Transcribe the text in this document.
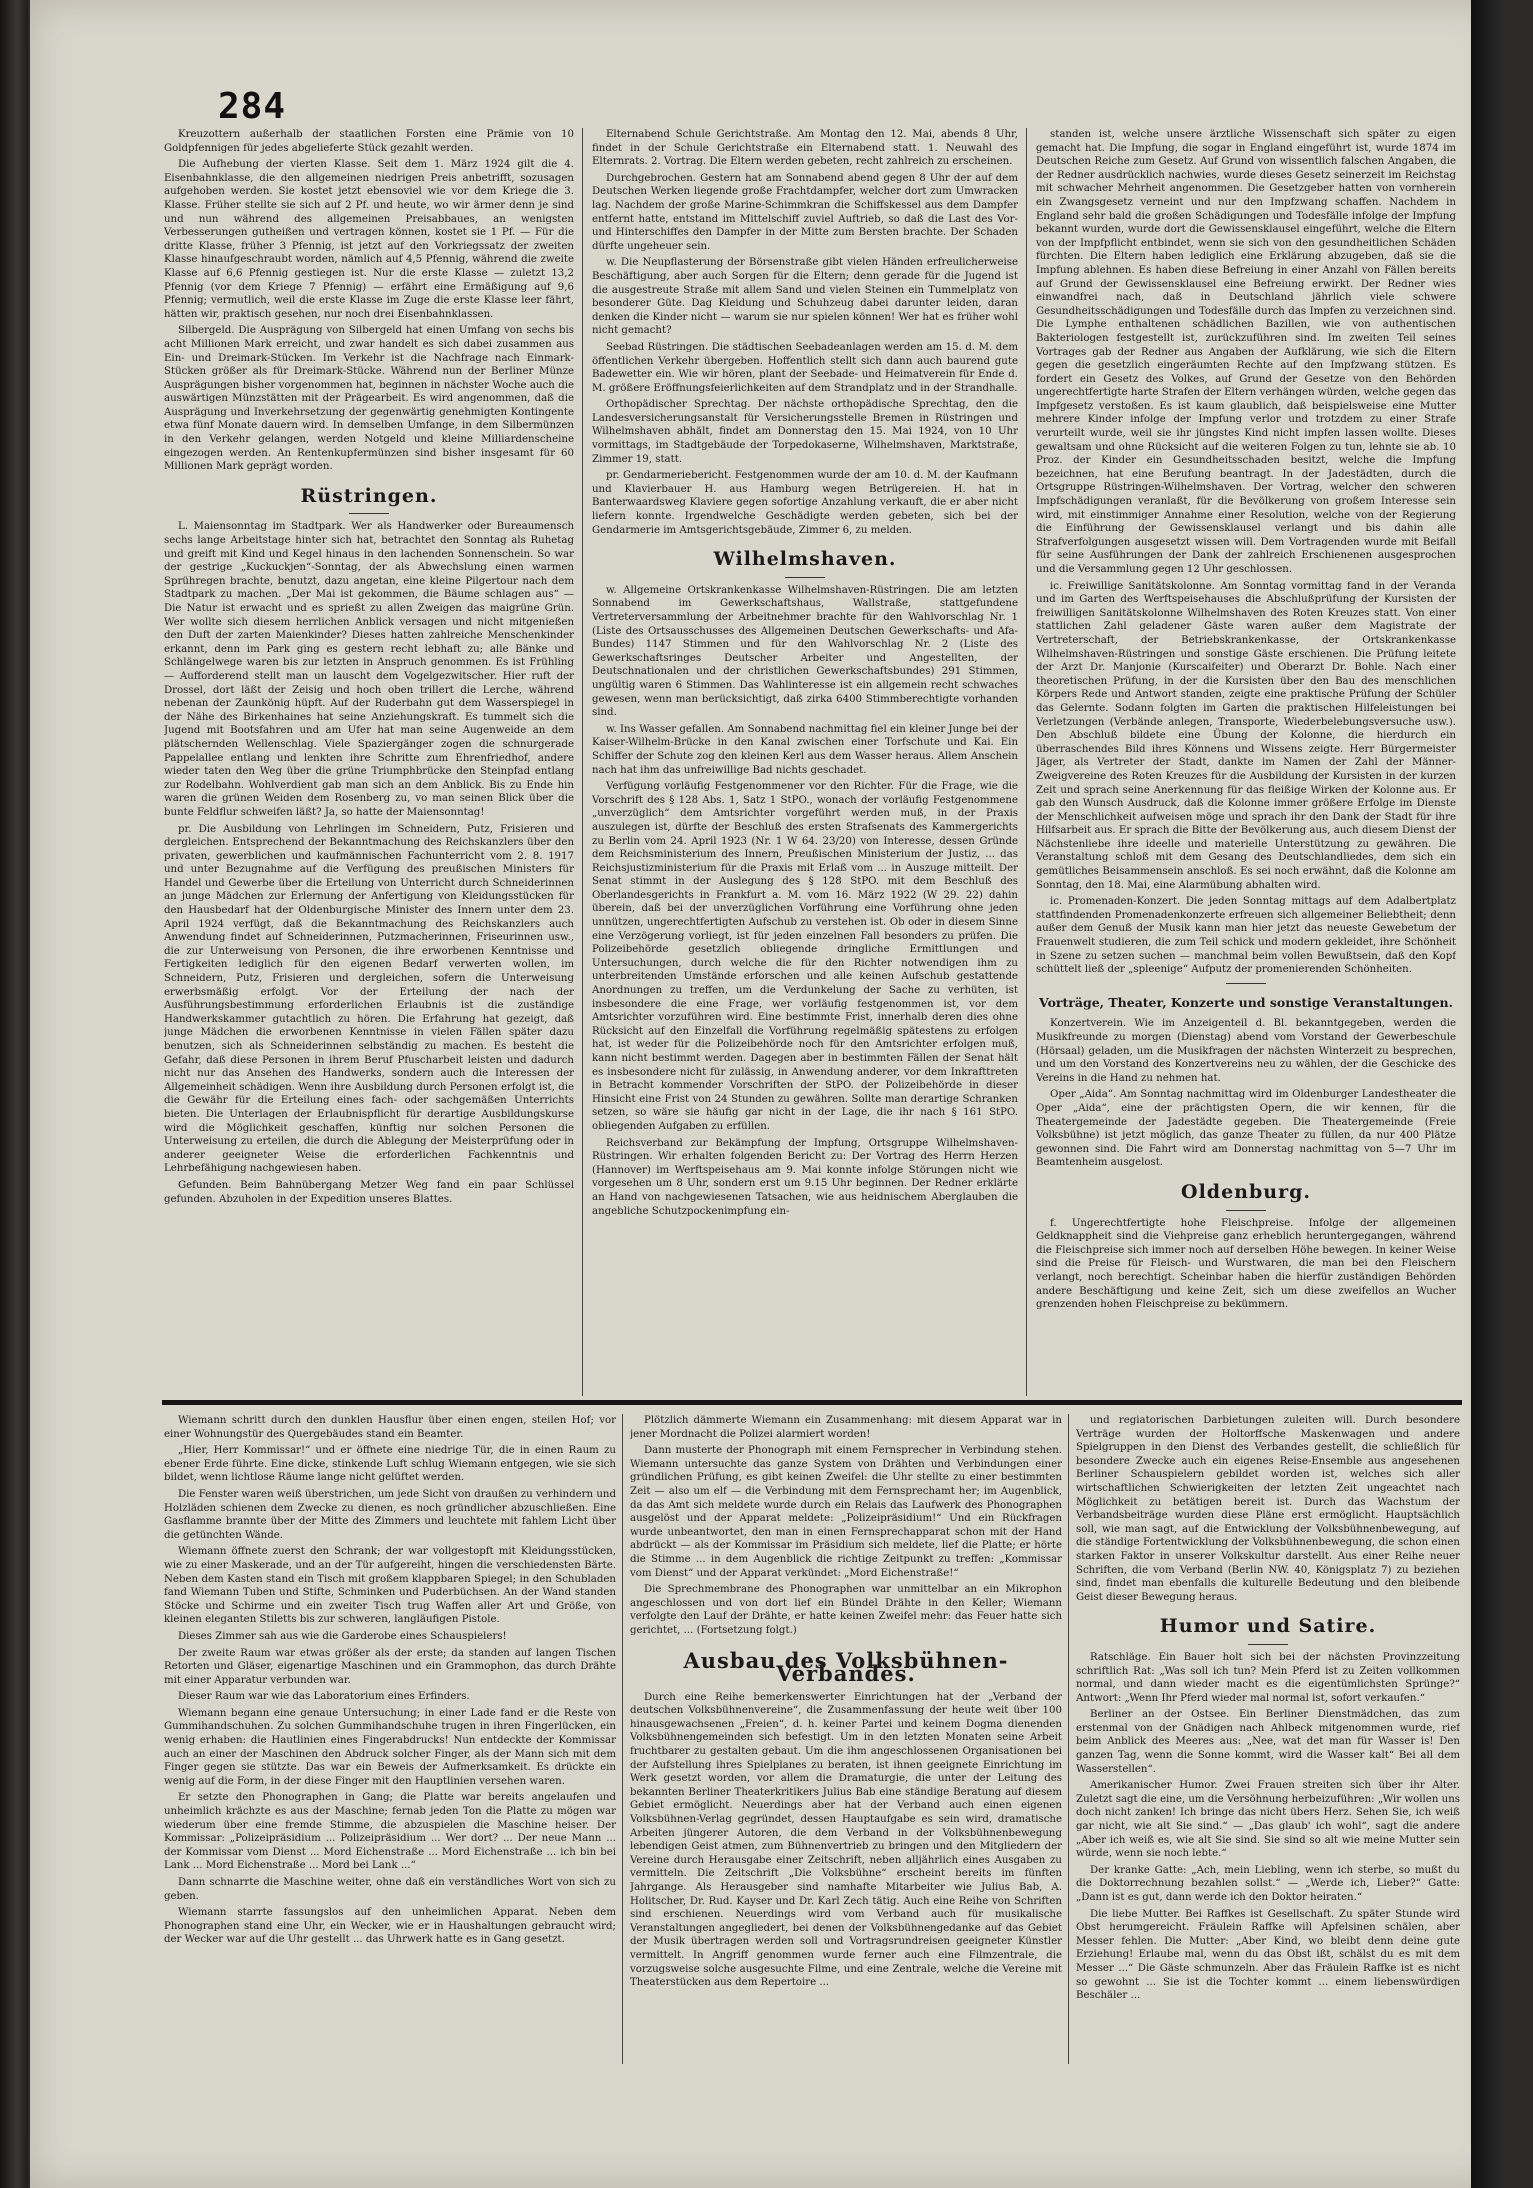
284

Kreuzottern außerhalb der staatlichen Forsten eine Prämie von 10 Goldpfennigen für jedes abgelieferte Stück gezahlt werden.

Die Aufhebung der vierten Klasse. Seit dem 1. März 1924 gilt die 4. Eisenbahnklasse, die den allgemeinen niedrigen Preis anbetrifft, sozusagen aufgehoben werden. Sie kostet jetzt ebensoviel wie vor dem Kriege die 3. Klasse. Früher stellte sie sich auf 2 Pf. und heute, wo wir ärmer denn je sind und nun während des allgemeinen Preisabbaues, an wenigsten Verbesserungen gutheißen und vertragen können, kostet sie 1 Pf. — Für die dritte Klasse, früher 3 Pfennig, ist jetzt auf den Vorkriegssatz der zweiten Klasse hinaufgeschraubt worden, nämlich auf 4,5 Pfennig, während die zweite Klasse auf 6,6 Pfennig gestiegen ist. Nur die erste Klasse — zuletzt 13,2 Pfennig (vor dem Kriege 7 Pfennig) — erfährt eine Ermäßigung auf 9,6 Pfennig; vermutlich, weil die erste Klasse im Zuge die erste Klasse leer fährt, hätten wir, praktisch gesehen, nur noch drei Eisenbahnklassen.

Silbergeld. Die Ausprägung von Silbergeld hat einen Umfang von sechs bis acht Millionen Mark erreicht, und zwar handelt es sich dabei zusammen aus Ein- und Dreimark-Stücken. Im Verkehr ist die Nachfrage nach Einmark-Stücken größer als für Dreimark-Stücke. Während nun der Berliner Münze Ausprägungen bisher vorgenommen hat, beginnen in nächster Woche auch die auswärtigen Münzstätten mit der Prägearbeit. Es wird angenommen, daß die Ausprägung und Inverkehrsetzung der gegenwärtig genehmigten Kontingente etwa fünf Monate dauern wird. In demselben Umfange, in dem Silbermünzen in den Verkehr gelangen, werden Notgeld und kleine Milliardenscheine eingezogen werden. An Rentenkupfermünzen sind bisher insgesamt für 60 Millionen Mark geprägt worden.

Rüstringen.

L. Maiensonntag im Stadtpark. Wer als Handwerker oder Bureaumensch sechs lange Arbeitstage hinter sich hat, betrachtet den Sonntag als Ruhetag und greift mit Kind und Kegel hinaus in den lachenden Sonnenschein. So war der gestrige „Kuckuckjen“-Sonntag, der als Abwechslung einen warmen Sprühregen brachte, benutzt, dazu angetan, eine kleine Pilgertour nach dem Stadtpark zu machen. „Der Mai ist gekommen, die Bäume schlagen aus“ — Die Natur ist erwacht und es sprießt zu allen Zweigen das maigrüne Grün. Wer wollte sich diesem herrlichen Anblick versagen und nicht mitgenießen den Duft der zarten Maienkinder? Dieses hatten zahlreiche Menschenkinder erkannt, denn im Park ging es gestern recht lebhaft zu; alle Bänke und Schlängelwege waren bis zur letzten in Anspruch genommen. Es ist Frühling — Aufforderend stellt man un lauscht dem Vogelgezwitscher. Hier ruft der Drossel, dort läßt der Zeisig und hoch oben trillert die Lerche, während nebenan der Zaunkönig hüpft. Auf der Ruderbahn gut dem Wasserspiegel in der Nähe des Birkenhaines hat seine Anziehungskraft. Es tummelt sich die Jugend mit Bootsfahren und am Ufer hat man seine Augenweide an dem plätschernden Wellenschlag. Viele Spaziergänger zogen die schnurgerade Pappelallee entlang und lenkten ihre Schritte zum Ehrenfriedhof, andere wieder taten den Weg über die grüne Triumphbrücke den Steinpfad entlang zur Rodelbahn. Wohlverdient gab man sich an dem Anblick. Bis zu Ende hin waren die grünen Weiden dem Rosenberg zu, vo man seinen Blick über die bunte Feldflur schweifen läßt? Ja, so hatte der Maiensonntag!

pr. Die Ausbildung von Lehrlingen im Schneidern, Putz, Frisieren und dergleichen. Entsprechend der Bekanntmachung des Reichskanzlers über den privaten, gewerblichen und kaufmännischen Fachunterricht vom 2. 8. 1917 und unter Bezugnahme auf die Verfügung des preußischen Ministers für Handel und Gewerbe über die Erteilung von Unterricht durch Schneiderinnen an junge Mädchen zur Erlernung der Anfertigung von Kleidungsstücken für den Hausbedarf hat der Oldenburgische Minister des Innern unter dem 23. April 1924 verfügt, daß die Bekanntmachung des Reichskanzlers auch Anwendung findet auf Schneiderinnen, Putzmacherinnen, Friseurinnen usw., die zur Unterweisung von Personen, die ihre erworbenen Kenntnisse und Fertigkeiten lediglich für den eigenen Bedarf verwerten wollen, im Schneidern, Putz, Frisieren und dergleichen, sofern die Unterweisung erwerbsmäßig erfolgt. Vor der Erteilung der nach der Ausführungsbestimmung erforderlichen Erlaubnis ist die zuständige Handwerkskammer gutachtlich zu hören. Die Erfahrung hat gezeigt, daß junge Mädchen die erworbenen Kenntnisse in vielen Fällen später dazu benutzen, sich als Schneiderinnen selbständig zu machen. Es besteht die Gefahr, daß diese Personen in ihrem Beruf Pfuscharbeit leisten und dadurch nicht nur das Ansehen des Handwerks, sondern auch die Interessen der Allgemeinheit schädigen. Wenn ihre Ausbildung durch Personen erfolgt ist, die die Gewähr für die Erteilung eines fach- oder sachgemäßen Unterrichts bieten. Die Unterlagen der Erlaubnispflicht für derartige Ausbildungskurse wird die Möglichkeit geschaffen, künftig nur solchen Personen die Unterweisung zu erteilen, die durch die Ablegung der Meisterprüfung oder in anderer geeigneter Weise die erforderlichen Fachkenntnis und Lehrbefähigung nachgewiesen haben.

Gefunden. Beim Bahnübergang Metzer Weg fand ein paar Schlüssel gefunden. Abzuholen in der Expedition unseres Blattes.

Elternabend Schule Gerichtstraße. Am Montag den 12. Mai, abends 8 Uhr, findet in der Schule Gerichtstraße ein Elternabend statt. 1. Neuwahl des Elternrats. 2. Vortrag. Die Eltern werden gebeten, recht zahlreich zu erscheinen.

Durchgebrochen. Gestern hat am Sonnabend abend gegen 8 Uhr der auf dem Deutschen Werken liegende große Frachtdampfer, welcher dort zum Umwracken lag. Nachdem der große Marine-Schimmkran die Schiffskessel aus dem Dampfer entfernt hatte, entstand im Mittelschiff zuviel Auftrieb, so daß die Last des Vor- und Hinterschiffes den Dampfer in der Mitte zum Bersten brachte. Der Schaden dürfte ungeheuer sein.

w. Die Neupflasterung der Börsenstraße gibt vielen Händen erfreulicherweise Beschäftigung, aber auch Sorgen für die Eltern; denn gerade für die Jugend ist die ausgestreute Straße mit allem Sand und vielen Steinen ein Tummelplatz von besonderer Güte. Dag Kleidung und Schuhzeug dabei darunter leiden, daran denken die Kinder nicht — warum sie nur spielen können! Wer hat es früher wohl nicht gemacht?

Seebad Rüstringen. Die städtischen Seebadeanlagen werden am 15. d. M. dem öffentlichen Verkehr übergeben. Hoffentlich stellt sich dann auch baurend gute Badewetter ein. Wie wir hören, plant der Seebade- und Heimatverein für Ende d. M. größere Eröffnungsfeierlichkeiten auf dem Strandplatz und in der Strandhalle.

Orthopädischer Sprechtag. Der nächste orthopädische Sprechtag, den die Landesversicherungsanstalt für Versicherungsstelle Bremen in Rüstringen und Wilhelmshaven abhält, findet am Donnerstag den 15. Mai 1924, von 10 Uhr vormittags, im Stadtgebäude der Torpedokaserne, Wilhelmshaven, Marktstraße, Zimmer 19, statt.

pr. Gendarmeriebericht. Festgenommen wurde der am 10. d. M. der Kaufmann und Klavierbauer H. aus Hamburg wegen Betrügereien. H. hat in Banterwaardsweg Klaviere gegen sofortige Anzahlung verkauft, die er aber nicht liefern konnte. Irgendwelche Geschädigte werden gebeten, sich bei der Gendarmerie im Amtsgerichtsgebäude, Zimmer 6, zu melden.

Wilhelmshaven.

w. Allgemeine Ortskrankenkasse Wilhelmshaven-Rüstringen. Die am letzten Sonnabend im Gewerkschaftshaus, Wallstraße, stattgefundene Vertreterversammlung der Arbeitnehmer brachte für den Wahlvorschlag Nr. 1 (Liste des Ortsausschusses des Allgemeinen Deutschen Gewerkschafts- und Afa-Bundes) 1147 Stimmen und für den Wahlvorschlag Nr. 2 (Liste des Gewerkschaftsringes Deutscher Arbeiter und Angestellten, der Deutschnationalen und der christlichen Gewerkschaftsbundes) 291 Stimmen, ungültig waren 6 Stimmen. Das Wahlinteresse ist ein allgemein recht schwaches gewesen, wenn man berücksichtigt, daß zirka 6400 Stimmberechtigte vorhanden sind.

w. Ins Wasser gefallen. Am Sonnabend nachmittag fiel ein kleiner Junge bei der Kaiser-Wilhelm-Brücke in den Kanal zwischen einer Torfschute und Kai. Ein Schiffer der Schute zog den kleinen Kerl aus dem Wasser heraus. Allem Anschein nach hat ihm das unfreiwillige Bad nichts geschadet.

Verfügung vorläufig Festgenommener vor den Richter. Für die Frage, wie die Vorschrift des § 128 Abs. 1, Satz 1 StPO., wonach der vorläufig Festgenommene „unverzüglich“ dem Amtsrichter vorgeführt werden muß, in der Praxis auszulegen ist, dürfte der Beschluß des ersten Strafsenats des Kammergerichts zu Berlin vom 24. April 1923 (Nr. 1 W 64. 23/20) von Interesse, dessen Gründe dem Reichsministerium des Innern, Preußischen Ministerium der Justiz, ... das Reichsjustizministerium für die Praxis mit Erlaß vom ... in Auszuge mitteilt. Der Senat stimmt in der Auslegung des § 128 StPO. mit dem Beschluß des Oberlandesgerichts in Frankfurt a. M. vom 16. März 1922 (W 29. 22) dahin überein, daß bei der unverzüglichen Vorführung eine Vorführung ohne jeden unnützen, ungerechtfertigten Aufschub zu verstehen ist. Ob oder in diesem Sinne eine Verzögerung vorliegt, ist für jeden einzelnen Fall besonders zu prüfen. Die Polizeibehörde gesetzlich obliegende dringliche Ermittlungen und Untersuchungen, durch welche die für den Richter notwendigen ihm zu unterbreitenden Umstände erforschen und alle keinen Aufschub gestattende Anordnungen zu treffen, um die Verdunkelung der Sache zu verhüten, ist insbesondere die eine Frage, wer vorläufig festgenommen ist, vor dem Amtsrichter vorzuführen wird. Eine bestimmte Frist, innerhalb deren dies ohne Rücksicht auf den Einzelfall die Vorführung regelmäßig spätestens zu erfolgen hat, ist weder für die Polizeibehörde noch für den Amtsrichter erfolgen muß, kann nicht bestimmt werden. Dagegen aber in bestimmten Fällen der Senat hält es insbesondere nicht für zulässig, in Anwendung anderer, vor dem Inkrafttreten in Betracht kommender Vorschriften der StPO. der Polizeibehörde in dieser Hinsicht eine Frist von 24 Stunden zu gewähren. Sollte man derartige Schranken setzen, so wäre sie häufig gar nicht in der Lage, die ihr nach § 161 StPO. obliegenden Aufgaben zu erfüllen.

Reichsverband zur Bekämpfung der Impfung, Ortsgruppe Wilhelmshaven-Rüstringen. Wir erhalten folgenden Bericht zu: Der Vortrag des Herrn Herzen (Hannover) im Werftspeisehaus am 9. Mai konnte infolge Störungen nicht wie vorgesehen um 8 Uhr, sondern erst um 9.15 Uhr beginnen. Der Redner erklärte an Hand von nachgewiesenen Tatsachen, wie aus heidnischem Aberglauben die angebliche Schutzpockenimpfung ein-

standen ist, welche unsere ärztliche Wissenschaft sich später zu eigen gemacht hat. Die Impfung, die sogar in England eingeführt ist, wurde 1874 im Deutschen Reiche zum Gesetz. Auf Grund von wissentlich falschen Angaben, die der Redner ausdrücklich nachwies, wurde dieses Gesetz seinerzeit im Reichstag mit schwacher Mehrheit angenommen. Die Gesetzgeber hatten von vornherein ein Zwangsgesetz verneint und nur den Impfzwang schaffen. Nachdem in England sehr bald die großen Schädigungen und Todesfälle infolge der Impfung bekannt wurden, wurde dort die Gewissensklausel eingeführt, welche die Eltern von der Impfpflicht entbindet, wenn sie sich von den gesundheitlichen Schäden fürchten. Die Eltern haben lediglich eine Erklärung abzugeben, daß sie die Impfung ablehnen. Es haben diese Befreiung in einer Anzahl von Fällen bereits auf Grund der Gewissensklausel eine Befreiung erwirkt. Der Redner wies einwandfrei nach, daß in Deutschland jährlich viele schwere Gesundheitsschädigungen und Todesfälle durch das Impfen zu verzeichnen sind. Die Lymphe enthaltenen schädlichen Bazillen, wie von authentischen Bakteriologen festgestellt ist, zurückzuführen sind. Im zweiten Teil seines Vortrages gab der Redner aus Angaben der Aufklärung, wie sich die Eltern gegen die gesetzlich eingeräumten Rechte auf den Impfzwang stützen. Es fordert ein Gesetz des Volkes, auf Grund der Gesetze von den Behörden ungerechtfertigte harte Strafen der Eltern verhängen würden, welche gegen das Impfgesetz verstoßen. Es ist kaum glaublich, daß beispielsweise eine Mutter mehrere Kinder infolge der Impfung verlor und trotzdem zu einer Strafe verurteilt wurde, weil sie ihr jüngstes Kind nicht impfen lassen wollte. Dieses gewaltsam und ohne Rücksicht auf die weiteren Folgen zu tun, lehnte sie ab. 10 Proz. der Kinder ein Gesundheitsschaden besitzt, welche die Impfung bezeichnen, hat eine Berufung beantragt. In der Jadestädten, durch die Ortsgruppe Rüstringen-Wilhelmshaven. Der Vortrag, welcher den schweren Impfschädigungen veranlaßt, für die Bevölkerung von großem Interesse sein wird, mit einstimmiger Annahme einer Resolution, welche von der Regierung die Einführung der Gewissensklausel verlangt und bis dahin alle Strafverfolgungen ausgesetzt wissen will. Dem Vortragenden wurde mit Beifall für seine Ausführungen der Dank der zahlreich Erschienenen ausgesprochen und die Versammlung gegen 12 Uhr geschlossen.

ic. Freiwillige Sanitätskolonne. Am Sonntag vormittag fand in der Veranda und im Garten des Werftspeisehauses die Abschlußprüfung der Kursisten der freiwilligen Sanitätskolonne Wilhelmshaven des Roten Kreuzes statt. Von einer stattlichen Zahl geladener Gäste waren außer dem Magistrate der Vertreterschaft, der Betriebskrankenkasse, der Ortskrankenkasse Wilhelmshaven-Rüstringen und sonstige Gäste erschienen. Die Prüfung leitete der Arzt Dr. Manjonie (Kurscaifeiter) und Oberarzt Dr. Bohle. Nach einer theoretischen Prüfung, in der die Kursisten über den Bau des menschlichen Körpers Rede und Antwort standen, zeigte eine praktische Prüfung der Schüler das Gelernte. Sodann folgten im Garten die praktischen Hilfeleistungen bei Verletzungen (Verbände anlegen, Transporte, Wiederbelebungsversuche usw.). Den Abschluß bildete eine Übung der Kolonne, die hierdurch ein überraschendes Bild ihres Könnens und Wissens zeigte. Herr Bürgermeister Jäger, als Vertreter der Stadt, dankte im Namen der Zahl der Männer-Zweigvereine des Roten Kreuzes für die Ausbildung der Kursisten in der kurzen Zeit und sprach seine Anerkennung für das fleißige Wirken der Kolonne aus. Er gab den Wunsch Ausdruck, daß die Kolonne immer größere Erfolge im Dienste der Menschlichkeit aufweisen möge und sprach ihr den Dank der Stadt für ihre Hilfsarbeit aus. Er sprach die Bitte der Bevölkerung aus, auch diesem Dienst der Nächstenliebe ihre ideelle und materielle Unterstützung zu gewähren. Die Veranstaltung schloß mit dem Gesang des Deutschlandliedes, dem sich ein gemütliches Beisammensein anschloß. Es sei noch erwähnt, daß die Kolonne am Sonntag, den 18. Mai, eine Alarmübung abhalten wird.

ic. Promenaden-Konzert. Die jeden Sonntag mittags auf dem Adalbertplatz stattfindenden Promenadenkonzerte erfreuen sich allgemeiner Beliebtheit; denn außer dem Genuß der Musik kann man hier jetzt das neueste Gewebetum der Frauenwelt studieren, die zum Teil schick und modern gekleidet, ihre Schönheit in Szene zu setzen suchen — manchmal beim vollen Bewußtsein, daß den Kopf schüttelt ließ der „spleenige“ Aufputz der promenierenden Schönheiten.

Vorträge, Theater, Konzerte und sonstige Veranstaltungen.

Konzertverein. Wie im Anzeigenteil d. Bl. bekanntgegeben, werden die Musikfreunde zu morgen (Dienstag) abend vom Vorstand der Gewerbeschule (Hörsaal) geladen, um die Musikfragen der nächsten Winterzeit zu besprechen, und um den Vorstand des Konzertvereins neu zu wählen, der die Geschicke des Vereins in die Hand zu nehmen hat.

Oper „Aida“. Am Sonntag nachmittag wird im Oldenburger Landestheater die Oper „Aida“, eine der prächtigsten Opern, die wir kennen, für die Theatergemeinde der Jadestädte gegeben. Die Theatergemeinde (Freie Volksbühne) ist jetzt möglich, das ganze Theater zu füllen, da nur 400 Plätze gewonnen sind. Die Fahrt wird am Donnerstag nachmittag von 5—7 Uhr im Beamtenheim ausgelost.

Oldenburg.

f. Ungerechtfertigte hohe Fleischpreise. Infolge der allgemeinen Geldknappheit sind die Viehpreise ganz erheblich heruntergegangen, während die Fleischpreise sich immer noch auf derselben Höhe bewegen. In keiner Weise sind die Preise für Fleisch- und Wurstwaren, die man bei den Fleischern verlangt, noch berechtigt. Scheinbar haben die hierfür zuständigen Behörden andere Beschäftigung und keine Zeit, sich um diese zweifellos an Wucher grenzenden hohen Fleischpreise zu bekümmern.

Wiemann schritt durch den dunklen Hausflur über einen engen, steilen Hof; vor einer Wohnungstür des Quergebäudes stand ein Beamter.

„Hier, Herr Kommissar!“ und er öffnete eine niedrige Tür, die in einen Raum zu ebener Erde führte. Eine dicke, stinkende Luft schlug Wiemann entgegen, wie sie sich bildet, wenn lichtlose Räume lange nicht gelüftet werden.

Die Fenster waren weiß überstrichen, um jede Sicht von draußen zu verhindern und Holzläden schienen dem Zwecke zu dienen, es noch gründlicher abzuschließen. Eine Gasflamme brannte über der Mitte des Zimmers und leuchtete mit fahlem Licht über die getünchten Wände.

Wiemann öffnete zuerst den Schrank; der war vollgestopft mit Kleidungsstücken, wie zu einer Maskerade, und an der Tür aufgereiht, hingen die verschiedensten Bärte. Neben dem Kasten stand ein Tisch mit großem klappbaren Spiegel; in den Schubladen fand Wiemann Tuben und Stifte, Schminken und Puderbüchsen. An der Wand standen Stöcke und Schirme und ein zweiter Tisch trug Waffen aller Art und Größe, von kleinen eleganten Stiletts bis zur schweren, langläufigen Pistole.

Dieses Zimmer sah aus wie die Garderobe eines Schauspielers!

Der zweite Raum war etwas größer als der erste; da standen auf langen Tischen Retorten und Gläser, eigenartige Maschinen und ein Grammophon, das durch Drähte mit einer Apparatur verbunden war.

Dieser Raum war wie das Laboratorium eines Erfinders.

Wiemann begann eine genaue Untersuchung; in einer Lade fand er die Reste von Gummihandschuhen. Zu solchen Gummihandschuhe trugen in ihren Fingerlücken, ein wenig erhaben: die Hautlinien eines Fingerabdrucks! Nun entdeckte der Kommissar auch an einer der Maschinen den Abdruck solcher Finger, als der Mann sich mit dem Finger gegen sie stützte. Das war ein Beweis der Aufmerksamkeit. Es drückte ein wenig auf die Form, in der diese Finger mit den Hauptlinien versehen waren.

Er setzte den Phonographen in Gang; die Platte war bereits angelaufen und unheimlich krächzte es aus der Maschine; fernab jeden Ton die Platte zu mögen war wiederum über eine fremde Stimme, die abzuspielen die Maschine heiser. Der Kommissar: „Polizeipräsidium ... Polizeipräsidium ... Wer dort? ... Der neue Mann ... der Kommissar vom Dienst ... Mord Eichenstraße ... Mord Eichenstraße ... ich bin bei Lank ... Mord Eichenstraße ... Mord bei Lank ...“

Dann schnarrte die Maschine weiter, ohne daß ein verständliches Wort von sich zu geben.

Wiemann starrte fassungslos auf den unheimlichen Apparat. Neben dem Phonographen stand eine Uhr, ein Wecker, wie er in Haushaltungen gebraucht wird; der Wecker war auf die Uhr gestellt ... das Uhrwerk hatte es in Gang gesetzt.

Plötzlich dämmerte Wiemann ein Zusammenhang: mit diesem Apparat war in jener Mordnacht die Polizei alarmiert worden!

Dann musterte der Phonograph mit einem Fernsprecher in Verbindung stehen. Wiemann untersuchte das ganze System von Drähten und Verbindungen einer gründlichen Prüfung, es gibt keinen Zweifel: die Uhr stellte zu einer bestimmten Zeit — also um elf — die Verbindung mit dem Fernsprechamt her; im Augenblick, da das Amt sich meldete wurde durch ein Relais das Laufwerk des Phonographen ausgelöst und der Apparat meldete: „Polizeipräsidium!“ Und ein Rückfragen wurde unbeantwortet, den man in einen Fernsprechapparat schon mit der Hand abdrückt — als der Kommissar im Präsidium sich meldete, lief die Platte; er hörte die Stimme ... in dem Augenblick die richtige Zeitpunkt zu treffen: „Kommissar vom Dienst“ und der Apparat verkündet: „Mord Eichenstraße!“

Die Sprechmembrane des Phonographen war unmittelbar an ein Mikrophon angeschlossen und von dort lief ein Bündel Drähte in den Keller; Wiemann verfolgte den Lauf der Drähte, er hatte keinen Zweifel mehr: das Feuer hatte sich gerichtet, ... (Fortsetzung folgt.)

Ausbau des Volksbühnen-Verbandes.

Durch eine Reihe bemerkenswerter Einrichtungen hat der „Verband der deutschen Volksbühnenvereine“, die Zusammenfassung der heute weit über 100 hinausgewachsenen „Freien“, d. h. keiner Partei und keinem Dogma dienenden Volksbühnengemeinden sich befestigt. Um in den letzten Monaten seine Arbeit fruchtbarer zu gestalten gebaut. Um die ihm angeschlossenen Organisationen bei der Aufstellung ihres Spielplanes zu beraten, ist ihnen geeignete Einrichtung im Werk gesetzt worden, vor allem die Dramaturgie, die unter der Leitung des bekannten Berliner Theaterkritikers Julius Bab eine ständige Beratung auf diesem Gebiet ermöglicht. Neuerdings aber hat der Verband auch einen eigenen Volksbühnen-Verlag gegründet, dessen Hauptaufgabe es sein wird, dramatische Arbeiten jüngerer Autoren, die dem Verband in der Volksbühnenbewegung lebendigen Geist atmen, zum Bühnenvertrieb zu bringen und den Mitgliedern der Vereine durch Herausgabe einer Zeitschrift, neben alljährlich eines Ausgaben zu vermitteln. Die Zeitschrift „Die Volksbühne“ erscheint bereits im fünften Jahrgange. Als Herausgeber sind namhafte Mitarbeiter wie Julius Bab, A. Holitscher, Dr. Rud. Kayser und Dr. Karl Zech tätig. Auch eine Reihe von Schriften sind erschienen. Neuerdings wird vom Verband auch für musikalische Veranstaltungen angegliedert, bei denen der Volksbühnengedanke auf das Gebiet der Musik übertragen werden soll und Vortragsrundreisen geeigneter Künstler vermittelt. In Angriff genommen wurde ferner auch eine Filmzentrale, die vorzugsweise solche ausgesuchte Filme, und eine Zentrale, welche die Vereine mit Theaterstücken aus dem Repertoire ...

und regiatorischen Darbietungen zuleiten will. Durch besondere Verträge wurden der Holtorffsche Maskenwagen und andere Spielgruppen in den Dienst des Verbandes gestellt, die schließlich für besondere Zwecke auch ein eigenes Reise-Ensemble aus angesehenen Berliner Schauspielern gebildet worden ist, welches sich aller wirtschaftlichen Schwierigkeiten der letzten Zeit ungeachtet nach Möglichkeit zu betätigen bereit ist. Durch das Wachstum der Verbandsbeiträge wurden diese Pläne erst ermöglicht. Hauptsächlich soll, wie man sagt, auf die Entwicklung der Volksbühnenbewegung, auf die ständige Fortentwicklung der Volksbühnenbewegung, die schon einen starken Faktor in unserer Volkskultur darstellt. Aus einer Reihe neuer Schriften, die vom Verband (Berlin NW. 40, Königsplatz 7) zu beziehen sind, findet man ebenfalls die kulturelle Bedeutung und den bleibende Geist dieser Bewegung heraus.

Humor und Satire.

Ratschläge. Ein Bauer holt sich bei der nächsten Provinzzeitung schriftlich Rat: „Was soll ich tun? Mein Pferd ist zu Zeiten vollkommen normal, und dann wieder macht es die eigentümlichsten Sprünge?“ Antwort: „Wenn Ihr Pferd wieder mal normal ist, sofort verkaufen.“

Berliner an der Ostsee. Ein Berliner Dienstmädchen, das zum erstenmal von der Gnädigen nach Ahlbeck mitgenommen wurde, rief beim Anblick des Meeres aus: „Nee, wat det man für Wasser is! Den ganzen Tag, wenn die Sonne kommt, wird die Wasser kalt“ Bei all dem Wasserstellen“.

Amerikanischer Humor. Zwei Frauen streiten sich über ihr Alter. Zuletzt sagt die eine, um die Versöhnung herbeizuführen: „Wir wollen uns doch nicht zanken! Ich bringe das nicht übers Herz. Sehen Sie, ich weiß gar nicht, wie alt Sie sind.“ — „Das glaub' ich wohl“, sagt die andere „Aber ich weiß es, wie alt Sie sind. Sie sind so alt wie meine Mutter sein würde, wenn sie noch lebte.“

Der kranke Gatte: „Ach, mein Liebling, wenn ich sterbe, so mußt du die Doktorrechnung bezahlen sollst.“ — „Werde ich, Lieber?“ Gatte: „Dann ist es gut, dann werde ich den Doktor heiraten.“

Die liebe Mutter. Bei Raffkes ist Gesellschaft. Zu später Stunde wird Obst herumgereicht. Fräulein Raffke will Apfelsinen schälen, aber Messer fehlen. Die Mutter: „Aber Kind, wo bleibt denn deine gute Erziehung! Erlaube mal, wenn du das Obst ißt, schälst du es mit dem Messer ...“ Die Gäste schmunzeln. Aber das Fräulein Raffke ist es nicht so gewohnt ... Sie ist die Tochter kommt ... einem liebenswürdigen Beschäler ...
